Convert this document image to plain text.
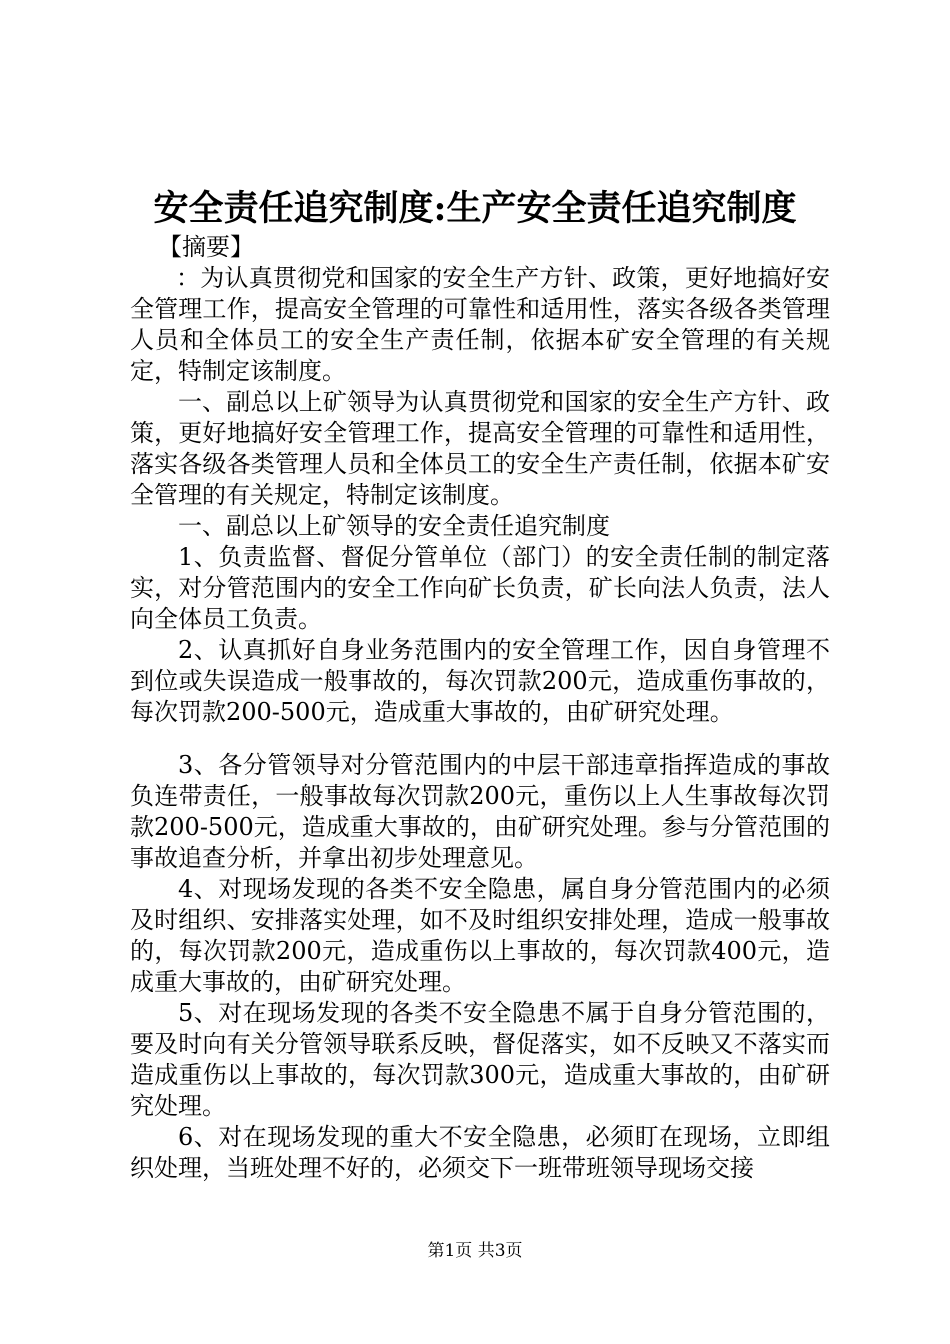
安全责任追究制度:生产安全责任追究制度

【摘要】

：为认真贯彻党和国家的安全生产方针、政策，更好地搞好安全管理工作，提高安全管理的可靠性和适用性，落实各级各类管理人员和全体员工的安全生产责任制，依据本矿安全管理的有关规定，特制定该制度。

一、副总以上矿领导为认真贯彻党和国家的安全生产方针、政策，更好地搞好安全管理工作，提高安全管理的可靠性和适用性，落实各级各类管理人员和全体员工的安全生产责任制，依据本矿安全管理的有关规定，特制定该制度。

一、副总以上矿领导的安全责任追究制度

1、负责监督、督促分管单位（部门）的安全责任制的制定落实，对分管范围内的安全工作向矿长负责，矿长向法人负责，法人向全体员工负责。

2、认真抓好自身业务范围内的安全管理工作，因自身管理不到位或失误造成一般事故的，每次罚款200元，造成重伤事故的，每次罚款200-500元，造成重大事故的，由矿研究处理。

3、各分管领导对分管范围内的中层干部违章指挥造成的事故负连带责任，一般事故每次罚款200元，重伤以上人生事故每次罚款200-500元，造成重大事故的，由矿研究处理。参与分管范围的事故追查分析，并拿出初步处理意见。

4、对现场发现的各类不安全隐患，属自身分管范围内的必须及时组织、安排落实处理，如不及时组织安排处理，造成一般事故的，每次罚款200元，造成重伤以上事故的，每次罚款400元，造成重大事故的，由矿研究处理。

5、对在现场发现的各类不安全隐患不属于自身分管范围的，要及时向有关分管领导联系反映，督促落实，如不反映又不落实而造成重伤以上事故的，每次罚款300元，造成重大事故的，由矿研究处理。

6、对在现场发现的重大不安全隐患，必须盯在现场，立即组织处理，当班处理不好的，必须交下一班带班领导现场交接

第1页 共3页
